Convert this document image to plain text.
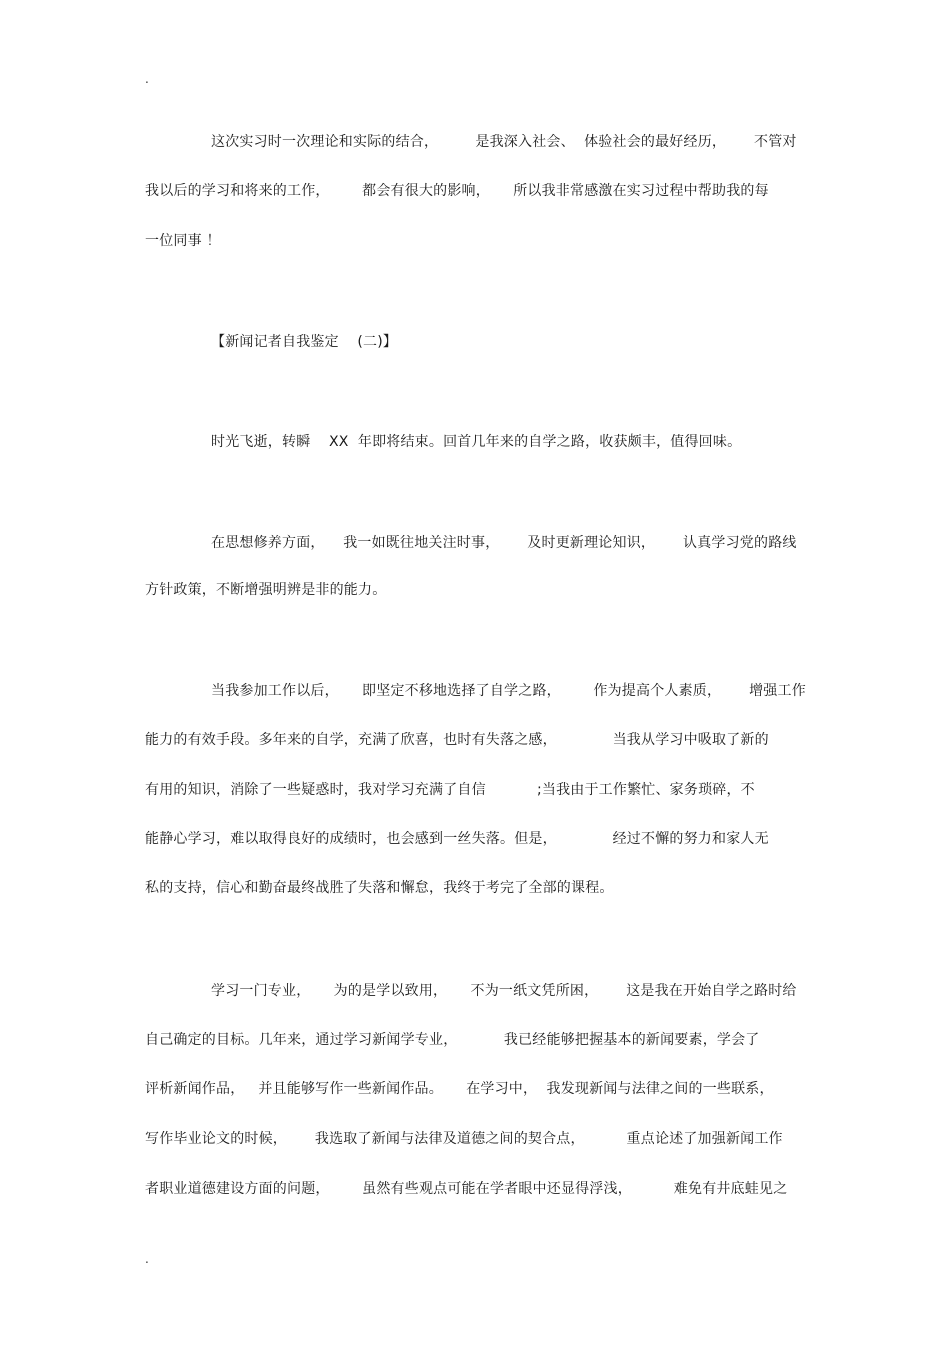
.
这次实习时一次理论和实际的结合，        是我深入社会、  体验社会的最好经历，      不管对
我以后的学习和将来的工作，       都会有很大的影响，     所以我非常感激在实习过程中帮助我的每
一位同事 ！
【新闻记者自我鉴定    (二)】
时光飞逝，转瞬    XX  年即将结束。回首几年来的自学之路，收获颇丰，值得回味。
在思想修养方面，    我一如既往地关注时事，      及时更新理论知识，      认真学习党的路线
方针政策，不断增强明辨是非的能力。
当我参加工作以后，     即坚定不移地选择了自学之路，       作为提高个人素质，      增强工作
能力的有效手段。多年来的自学，充满了欣喜，也时有失落之感，            当我从学习中吸取了新的
有用的知识，消除了一些疑惑时，我对学习充满了自信           ;当我由于工作繁忙、家务琐碎，不
能静心学习，难以取得良好的成绩时，也会感到一丝失落。但是，            经过不懈的努力和家人无
私的支持，信心和勤奋最终战胜了失落和懈怠，我终于考完了全部的课程。
学习一门专业，     为的是学以致用，     不为一纸文凭所困，      这是我在开始自学之路时给
自己确定的目标。几年来，通过学习新闻学专业，          我已经能够把握基本的新闻要素，学会了
评析新闻作品，   并且能够写作一些新闻作品。     在学习中，  我发现新闻与法律之间的一些联系，
写作毕业论文的时候，      我选取了新闻与法律及道德之间的契合点，         重点论述了加强新闻工作
者职业道德建设方面的问题，       虽然有些观点可能在学者眼中还显得浮浅，         难免有井底蛙见之
.
